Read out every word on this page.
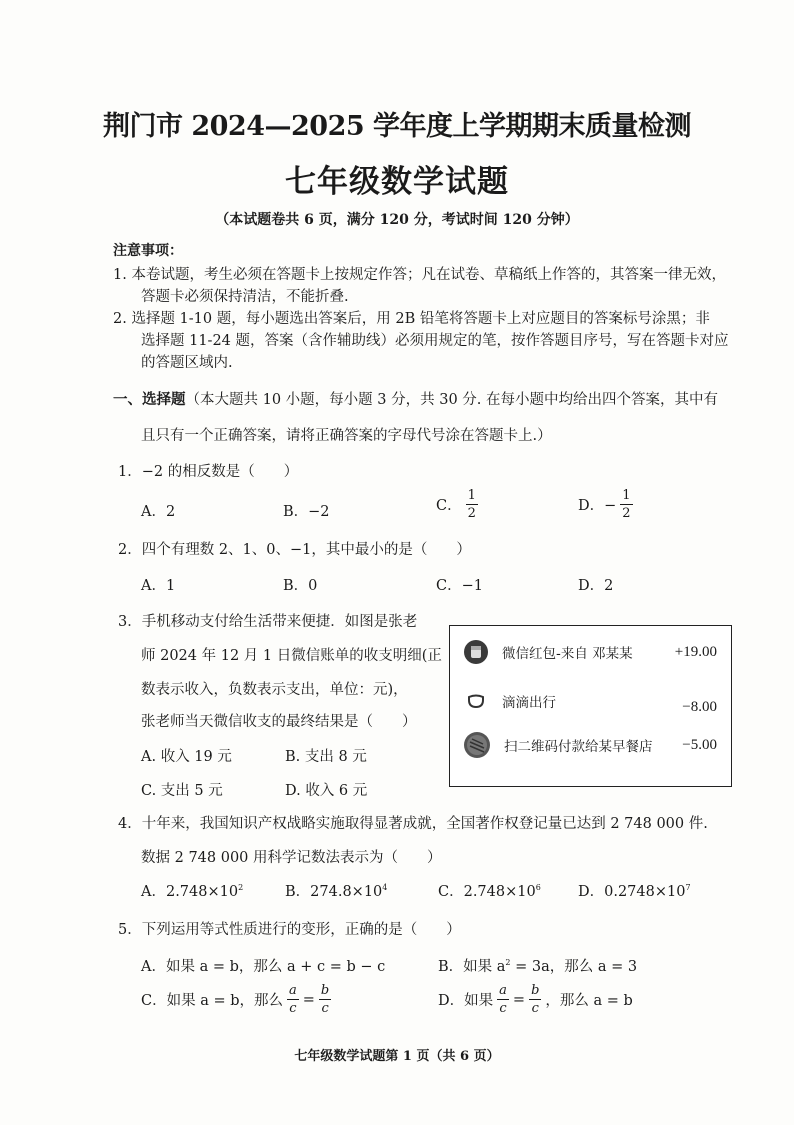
荆门市 2024—2025 学年度上学期期末质量检测
七年级数学试题
（本试题卷共 6 页，满分 120 分，考试时间 120 分钟）
注意事项：
1. 本卷试题，考生必须在答题卡上按规定作答；凡在试卷、草稿纸上作答的，其答案一律无效，
答题卡必须保持清洁，不能折叠.
2. 选择题 1-10 题，每小题选出答案后，用 2B 铅笔将答题卡上对应题目的答案标号涂黑；非
选择题 11-24 题，答案（含作辅助线）必须用规定的笔，按作答题目序号，写在答题卡对应
的答题区域内.
一、选择题（本大题共 10 小题，每小题 3 分，共 30 分. 在每小题中均给出四个答案，其中有
且只有一个正确答案，请将正确答案的字母代号涂在答题卡上.）
1．−2 的相反数是（　　）
A．2	B．−2	C． $\frac{1}{2}$	D．− $\frac{1}{2}$
2．四个有理数 2、1、0、−1，其中最小的是（　　）
A．1	B．0	C．−1	D．2
3．手机移动支付给生活带来便捷．如图是张老
师 2024 年 12 月 1 日微信账单的收支明细(正
数表示收入，负数表示支出，单位：元)，
张老师当天微信收支的最终结果是（　　）
A. 收入 19 元	B. 支出 8 元
C. 支出 5 元	D. 收入 6 元
微信红包-来自 邓某某	+19.00
滴滴出行	−8.00
扫二维码付款给某早餐店 −5.00
4．十年来，我国知识产权战略实施取得显著成就，全国著作权登记量已达到 2 748 000 件.
数据 2 748 000 用科学记数法表示为（　　）
A．$2.748\times 10^2$	B．$274.8\times 10^4$	C．$2.748\times 10^6$	D．$0.2748\times 10^7$
5．下列运用等式性质进行的变形，正确的是（　　）
A．如果 a = b，那么 a + c = b − c	B．如果 $a^2 = 3a$，那么 a = 3
C．如果 a = b，那么 $\frac{a}{c} = \frac{b}{c}$	D．如果 $\frac{a}{c} = \frac{b}{c}$ ，那么 a = b
七年级数学试题第 1 页（共 6 页）
